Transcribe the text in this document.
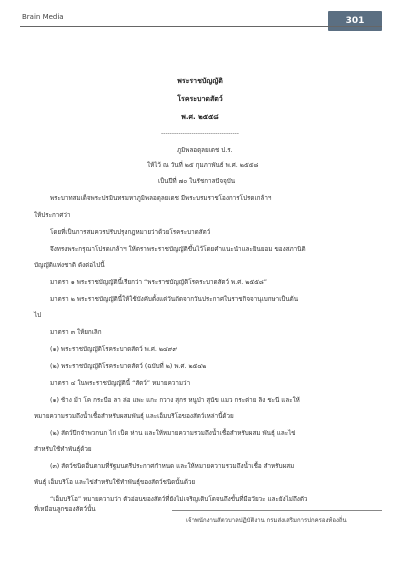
Brain Media	301
พระราชบัญญัติ
โรคระบาดสัตว์
พ.ศ. ๒๕๕๘
------------------------------------
ภูมิพลอดุลยเดช ป.ร.
ให้ไว้ ณ วันที่ ๒๕ กุมภาพันธ์ พ.ศ. ๒๕๕๘
เป็นปีที่ ๗๐ ในรัชกาลปัจจุบัน
พระบาทสมเด็จพระปรมินทรมหาภูมิพลอดุลยเดช มีพระบรมราชโองการโปรดเกล้าฯ
ให้ประกาศว่า
โดยที่เป็นการสมควรปรับปรุงกฎหมายว่าด้วยโรคระบาดสัตว์
จึงทรงพระกรุณาโปรดเกล้าฯ ให้ตราพระราชบัญญัติขึ้นไว้โดยคำแนะนำและยินยอม ของสภานิติ
บัญญัติแห่งชาติ ดังต่อไปนี้
มาตรา ๑ พระราชบัญญัตินี้เรียกว่า “พระราชบัญญัติโรคระบาดสัตว์ พ.ศ. ๒๕๕๘”
มาตรา ๒ พระราชบัญญัตินี้ให้ใช้บังคับตั้งแต่วันถัดจากวันประกาศในราชกิจจานุเบกษาเป็นต้น
ไป
มาตรา ๓ ให้ยกเลิก
(๑) พระราชบัญญัติโรคระบาดสัตว์ พ.ศ. ๒๔๙๙
(๒) พระราชบัญญัติโรคระบาดสัตว์ (ฉบับที่ ๒) พ.ศ. ๒๕๔๒
มาตรา ๔ ในพระราชบัญญัตินี้ “สัตว์” หมายความว่า
(๑) ช้าง ม้า โค กระบือ ลา ล่อ แพะ แกะ กวาง สุกร หนูป่า สุนัข แมว กระต่าย ลิง ชะนี และให้
หมายความรวมถึงน้ำเชื้อสำหรับผสมพันธุ์ และเอ็มบริโอของสัตว์เหล่านี้ด้วย
(๒) สัตว์ปีกจำพวกนก ไก่ เป็ด ห่าน และให้หมายความรวมถึงน้ำเชื้อสำหรับผสม พันธุ์ และไข่
สำหรับใช้ทำพันธุ์ด้วย
(๓) สัตว์ชนิดอื่นตามที่รัฐมนตรีประกาศกำหนด และให้หมายความรวมถึงน้ำเชื้อ สำหรับผสม
พันธุ์ เอ็มบริโอ และไข่สำหรับใช้ทำพันธุ์ของสัตว์ชนิดนั้นด้วย
“เอ็มบริโอ” หมายความว่า ตัวอ่อนของสัตว์ที่ยังไม่เจริญเติบโตจนถึงขั้นที่มีอวัยวะ และยังไม่ถึงตัว
ที่เหมือนลูกของสัตว์นั้น
เจ้าพนักงานสัตวบาลปฏิบัติงาน กรมส่งเสริมการปกครองท้องถิ่น
